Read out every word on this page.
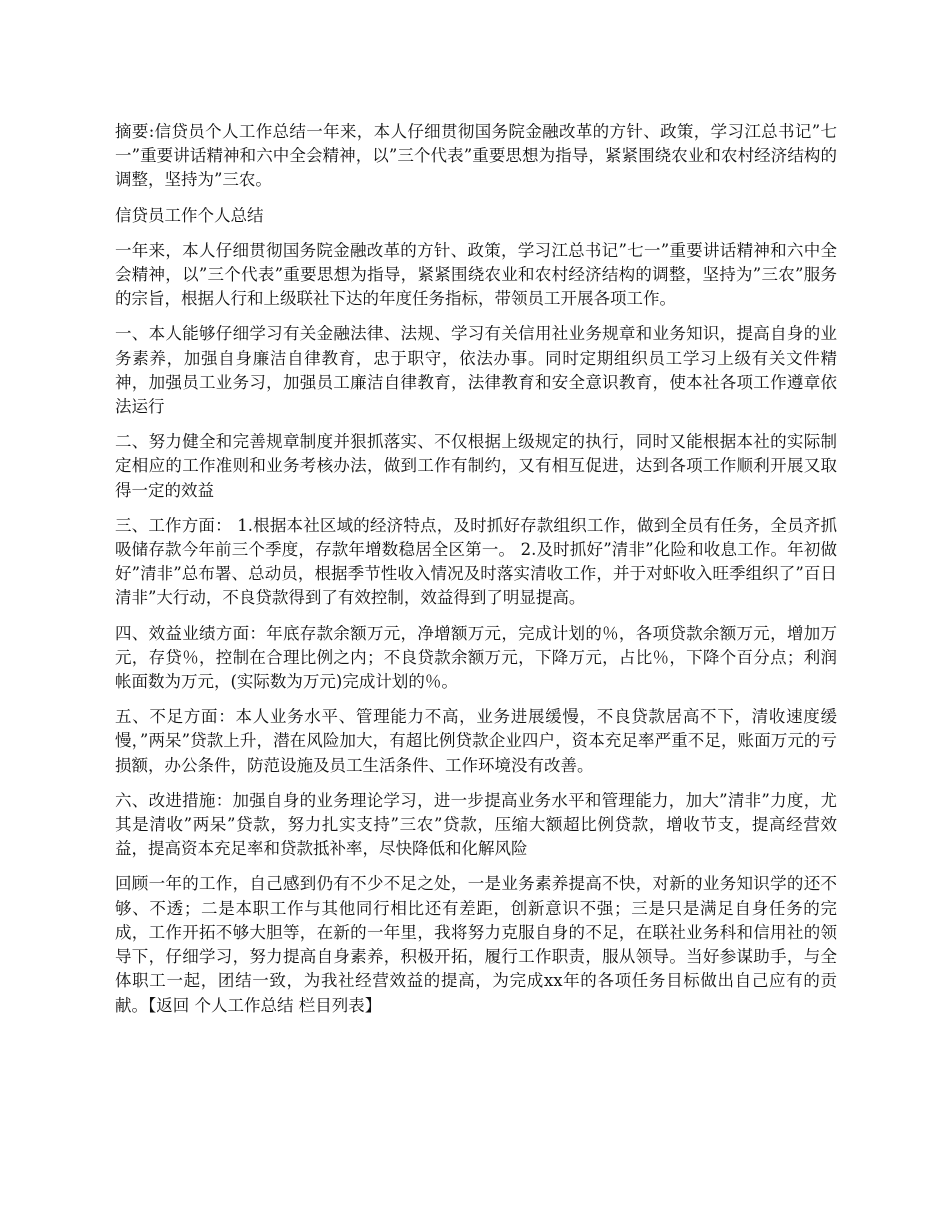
摘要:信贷员个人工作总结一年来，本人仔细贯彻国务院金融改革的方针、政策，学习江总书记”七一”重要讲话精神和六中全会精神，以”三个代表”重要思想为指导，紧紧围绕农业和农村经济结构的调整，坚持为”三农。

信贷员工作个人总结

一年来，本人仔细贯彻国务院金融改革的方针、政策，学习江总书记”七一”重要讲话精神和六中全会精神，以”三个代表”重要思想为指导，紧紧围绕农业和农村经济结构的调整，坚持为”三农”服务的宗旨，根据人行和上级联社下达的年度任务指标，带领员工开展各项工作。

一、本人能够仔细学习有关金融法律、法规、学习有关信用社业务规章和业务知识，提高自身的业务素养，加强自身廉洁自律教育，忠于职守，依法办事。同时定期组织员工学习上级有关文件精神，加强员工业务习，加强员工廉洁自律教育，法律教育和安全意识教育，使本社各项工作遵章依法运行

二、努力健全和完善规章制度并狠抓落实、不仅根据上级规定的执行，同时又能根据本社的实际制定相应的工作准则和业务考核办法，做到工作有制约，又有相互促进，达到各项工作顺利开展又取得一定的效益

三、工作方面： 1.根据本社区域的经济特点，及时抓好存款组织工作，做到全员有任务，全员齐抓吸储存款今年前三个季度，存款年增数稳居全区第一。 2.及时抓好”清非”化险和收息工作。年初做好”清非”总布署、总动员，根据季节性收入情况及时落实清收工作，并于对虾收入旺季组织了”百日清非”大行动，不良贷款得到了有效控制，效益得到了明显提高。

四、效益业绩方面：年底存款余额万元，净增额万元，完成计划的％，各项贷款余额万元，增加万元，存贷％，控制在合理比例之内；不良贷款余额万元，下降万元，占比％，下降个百分点；利润帐面数为万元，(实际数为万元)完成计划的％。

五、不足方面：本人业务水平、管理能力不高，业务进展缓慢，不良贷款居高不下，清收速度缓慢，”两呆”贷款上升，潜在风险加大，有超比例贷款企业四户，资本充足率严重不足，账面万元的亏损额，办公条件，防范设施及员工生活条件、工作环境没有改善。

六、改进措施：加强自身的业务理论学习，进一步提高业务水平和管理能力，加大”清非”力度，尤其是清收”两呆”贷款，努力扎实支持”三农”贷款，压缩大额超比例贷款，增收节支，提高经营效益，提高资本充足率和贷款抵补率，尽快降低和化解风险

回顾一年的工作，自己感到仍有不少不足之处，一是业务素养提高不快，对新的业务知识学的还不够、不透；二是本职工作与其他同行相比还有差距，创新意识不强；三是只是满足自身任务的完成，工作开拓不够大胆等，在新的一年里，我将努力克服自身的不足，在联社业务科和信用社的领导下，仔细学习，努力提高自身素养，积极开拓，履行工作职责，服从领导。当好参谋助手，与全体职工一起，团结一致，为我社经营效益的提高，为完成xx年的各项任务目标做出自己应有的贡献。【返回 个人工作总结 栏目列表】
